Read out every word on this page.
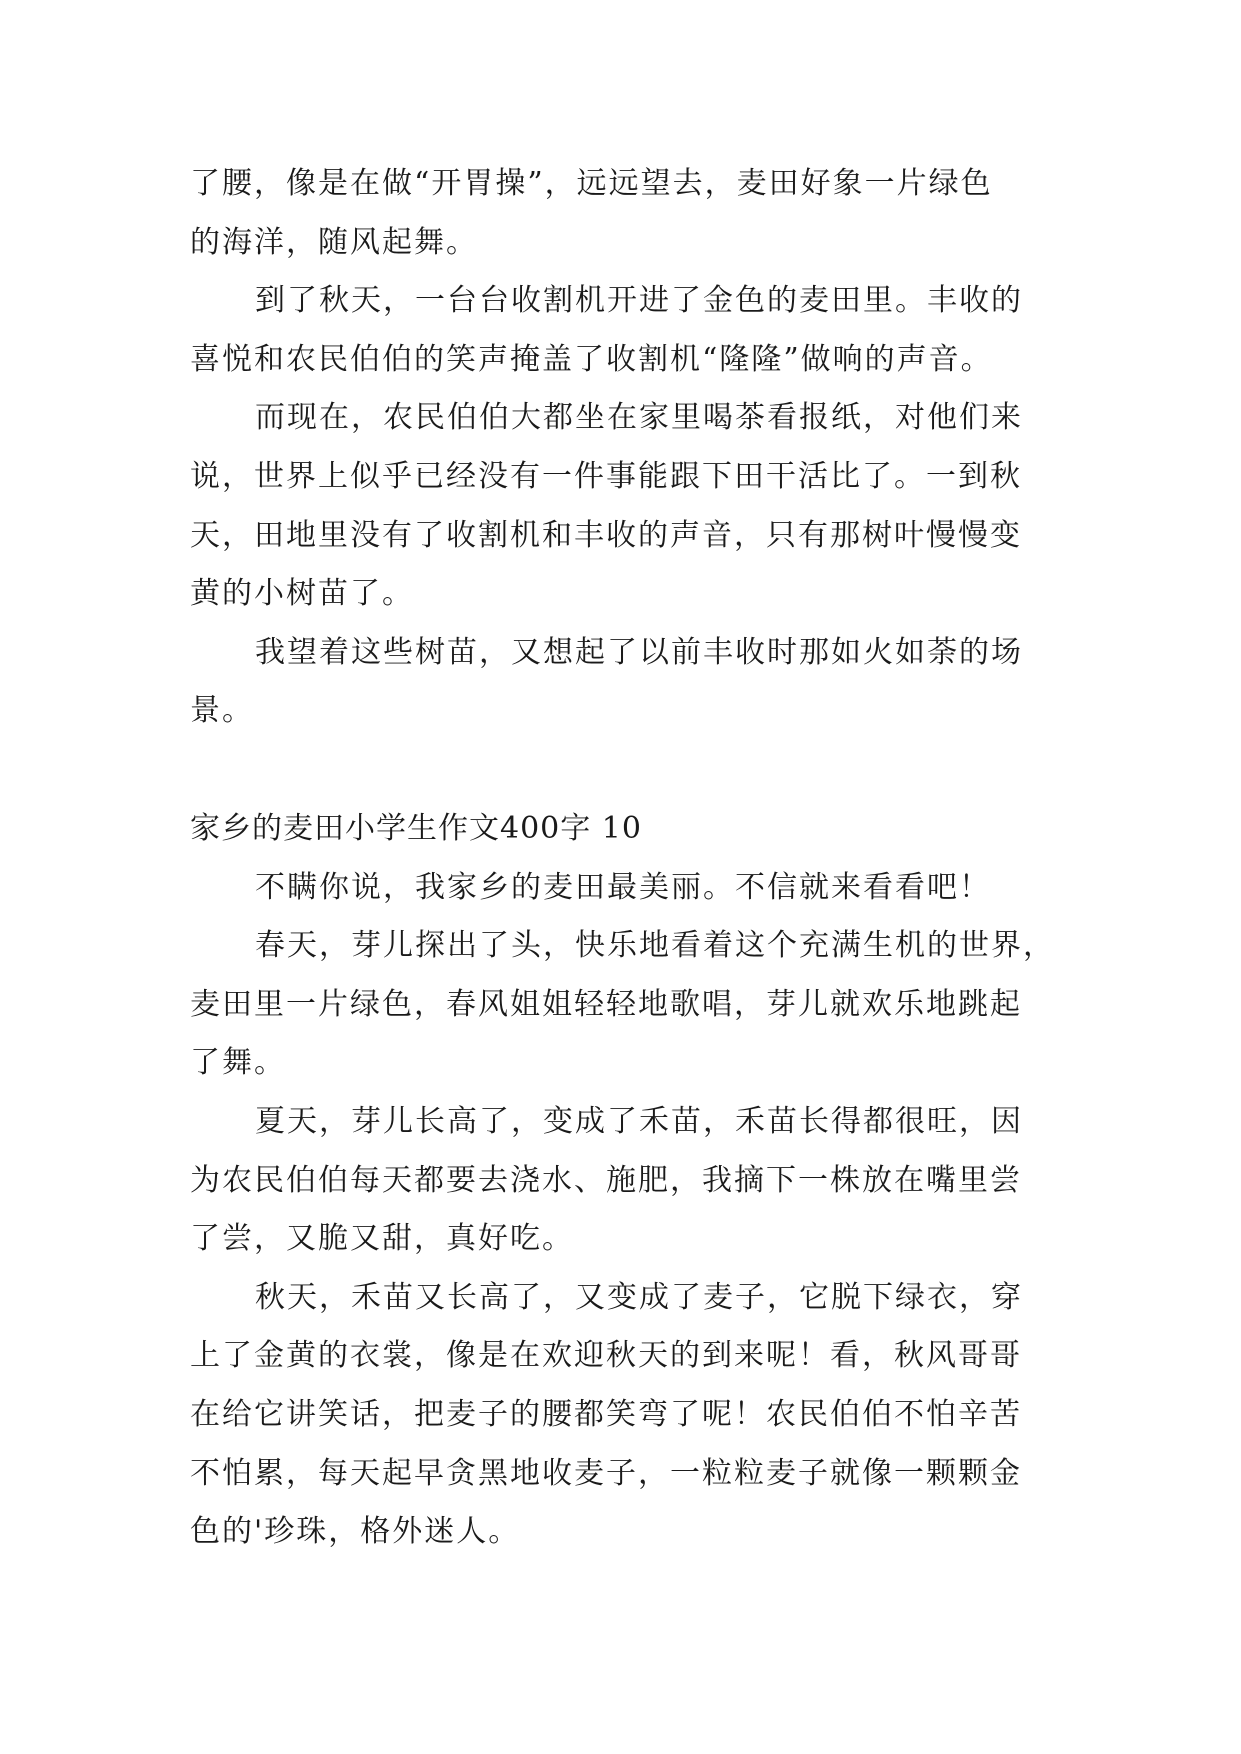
了腰，像是在做“开胃操”，远远望去，麦田好象一片绿色
的海洋，随风起舞。
到了秋天，一台台收割机开进了金色的麦田里。丰收的
喜悦和农民伯伯的笑声掩盖了收割机“隆隆”做响的声音。
而现在，农民伯伯大都坐在家里喝茶看报纸，对他们来
说，世界上似乎已经没有一件事能跟下田干活比了。一到秋
天，田地里没有了收割机和丰收的声音，只有那树叶慢慢变
黄的小树苗了。
我望着这些树苗，又想起了以前丰收时那如火如荼的场
景。
家乡的麦田小学生作文400字 10
不瞒你说，我家乡的麦田最美丽。不信就来看看吧！
春天，芽儿探出了头，快乐地看着这个充满生机的世界，
麦田里一片绿色，春风姐姐轻轻地歌唱，芽儿就欢乐地跳起
了舞。
夏天，芽儿长高了，变成了禾苗，禾苗长得都很旺，因
为农民伯伯每天都要去浇水、施肥，我摘下一株放在嘴里尝
了尝，又脆又甜，真好吃。
秋天，禾苗又长高了，又变成了麦子，它脱下绿衣，穿
上了金黄的衣裳，像是在欢迎秋天的到来呢！看，秋风哥哥
在给它讲笑话，把麦子的腰都笑弯了呢！农民伯伯不怕辛苦
不怕累，每天起早贪黑地收麦子，一粒粒麦子就像一颗颗金
色的'珍珠，格外迷人。
